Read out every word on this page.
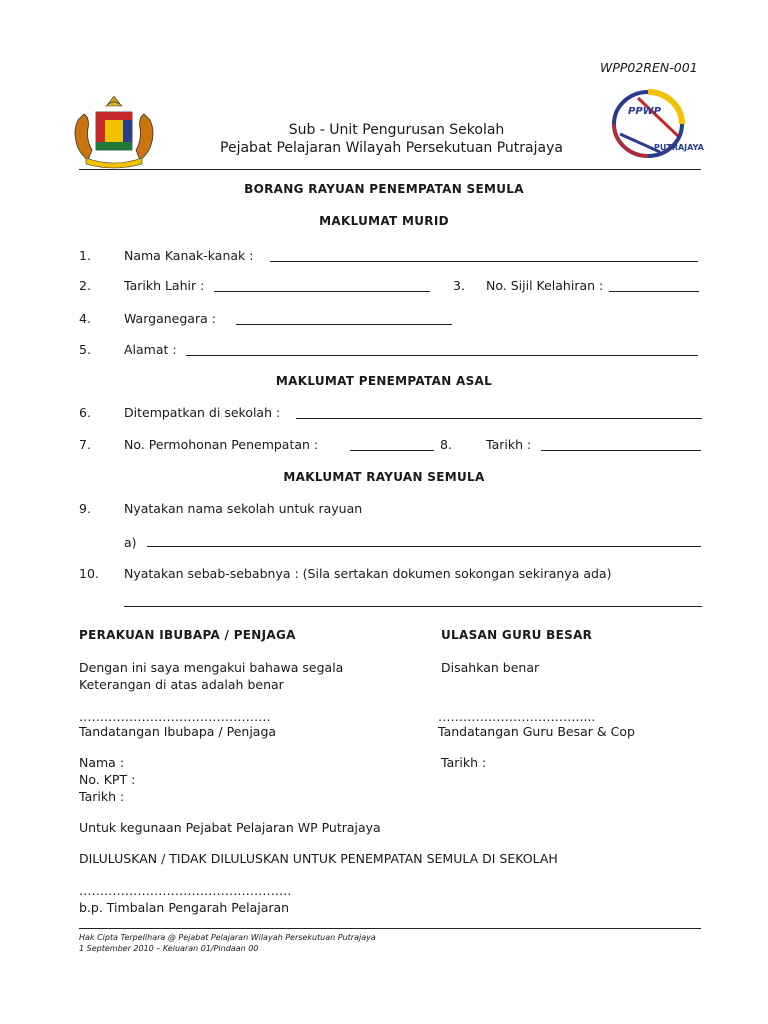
WPP02REN-001
PPWP
PUTRAJAYA
Sub - Unit Pengurusan Sekolah
Pejabat Pelajaran Wilayah Persekutuan Putrajaya
BORANG RAYUAN PENEMPATAN SEMULA
MAKLUMAT MURID
1.	Nama Kanak-kanak :
2.	Tarikh Lahir :	3. No. Sijil Kelahiran :
4.	Warganegara :
5.	Alamat :
MAKLUMAT PENEMPATAN ASAL
6.	Ditempatkan di sekolah :
7.	No. Permohonan Penempatan :	8.	Tarikh :
MAKLUMAT RAYUAN SEMULA
9.	Nyatakan nama sekolah untuk rayuan
a)
10. Nyatakan sebab-sebabnya : (Sila sertakan dokumen sokongan sekiranya ada)
PERAKUAN IBUBAPA / PENJAGA
Dengan ini saya mengakui bahawa segala
Keterangan di atas adalah benar
……………………………………….
Tandatangan Ibubapa / Penjaga
Nama :
No. KPT :
Tarikh :
ULASAN GURU BESAR
Disahkan benar
…………………………….....
Tandatangan Guru Besar & Cop
Tarikh :
Untuk kegunaan Pejabat Pelajaran WP Putrajaya
DILULUSKAN / TIDAK DILULUSKAN UNTUK PENEMPATAN SEMULA DI SEKOLAH
……………………………………………
b.p. Timbalan Pengarah Pelajaran
Hak Cipta Terpelihara @ Pejabat Pelajaran Wilayah Persekutuan Putrajaya
1 September 2010 – Keluaran 01/Pindaan 00
